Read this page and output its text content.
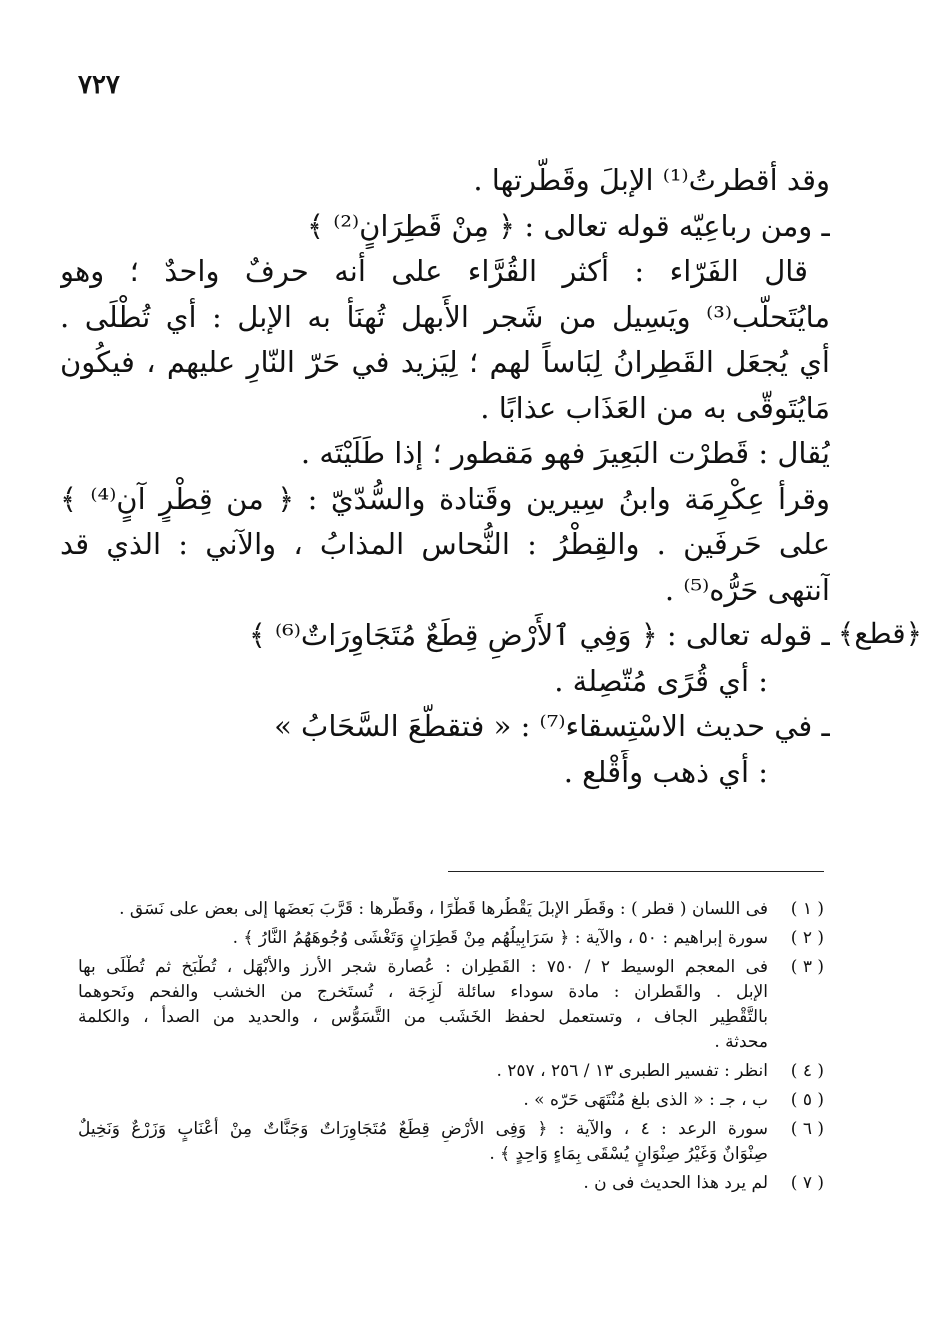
٧٢٧
وقد أقطرتُ⁽¹⁾ الإبلَ وقَطَّرتها .
ـ ومن رباعِيّه قوله تعالى : ﴿ مِنْ قَطِرَانٍ⁽²⁾ ﴾
قال الفَرّاء : أكثر القُرَّاء على أنه حرفٌ واحدٌ ؛ وهو
مايُتَحلَّب⁽³⁾ ويَسِيل من شَجر الأَبهل تُهنَأ به الإبل : أي تُطْلَى .
أي يُجعَل القَطِرانُ لِبَاساً لهم ؛ لِيَزيد في حَرّ النّارِ عليهم ، فيكُون
مَايُتَوقّى به من العَذَاب عذابًا .
يُقال : قَطرْت البَعِيرَ فهو مَقطور ؛ إذا طَلَيْتَه .
وقرأ عِكْرِمَة وابنُ سِيرين وقَتادة والسُّدّيّ : ﴿ من قِطْرٍ آنٍ⁽⁴⁾ ﴾
على حَرفَين . والقِطْرُ : النُّحاس المذابُ ، والآني : الذي قد
آنتهى حَرُّه⁽⁵⁾ .
ـ قوله تعالى : ﴿ وَفِي ٱلأَرْضِ قِطَعٌ مُتَجَاوِرَاتٌ⁽⁶⁾ ﴾
: أي قُرًى مُتّصِلة .
ـ في حديث الاسْتِسقاء⁽⁷⁾ : « فتقطَّعَ السَّحَابُ »
: أي ذهب وأَقْلع .
﴿قطع﴾
( ١ )
فى اللسان ( قطر ) : وقَطَر الإبلَ يَقْطُرها قَطْرًا ، وقَطَّرها : قَرَّبَ بَعضَها إلى بعض على نَسَق .
( ٢ )
سورة إبراهيم : ٥٠ ، والآية : ﴿ سَرَابِيلُهُم مِنْ قَطِرَانٍ وَتَغْشَى وُجُوهَهُمُ النَّارُ ﴾ .
( ٣ )
فى المعجم الوسيط ٢ / ٧٥٠ : القَطِران : عُصارة شجر الأرز والأبْهَل ، تُطْبَخ ثم تُطْلَى بها
الإبل . والقَطران : مادة سوداء سائلة لَزِجَة ، تُستَخرج من الخشب والفحم ونَحوهما
بالتَّقْطِير الجاف ، وتستعمل لحفظ الخَشَب من التَّسَوُّس ، والحديد من الصدأ ، والكلمة
محدثة .
( ٤ )
انظر : تفسير الطبرى ١٣ / ٢٥٦ ، ٢٥٧ .
( ٥ )
ب ، جـ : « الذى بلغ مُنْتَهَى حَرّه » .
( ٦ )
سورة الرعد : ٤ ، والآية : ﴿ وَفِى الأَرْضِ قِطَعٌ مُتَجَاوِرَاتٌ وَجَنَّاتٌ مِنْ أَعْنَابٍ وَزَرْعٌ وَنَخِيلٌ
صِنْوَانٌ وَغَيْرُ صِنْوَانٍ يُسْقَى بِمَاءٍ وَاحِدٍ ﴾ .
( ٧ )
لم يرد هذا الحديث فى ن .
